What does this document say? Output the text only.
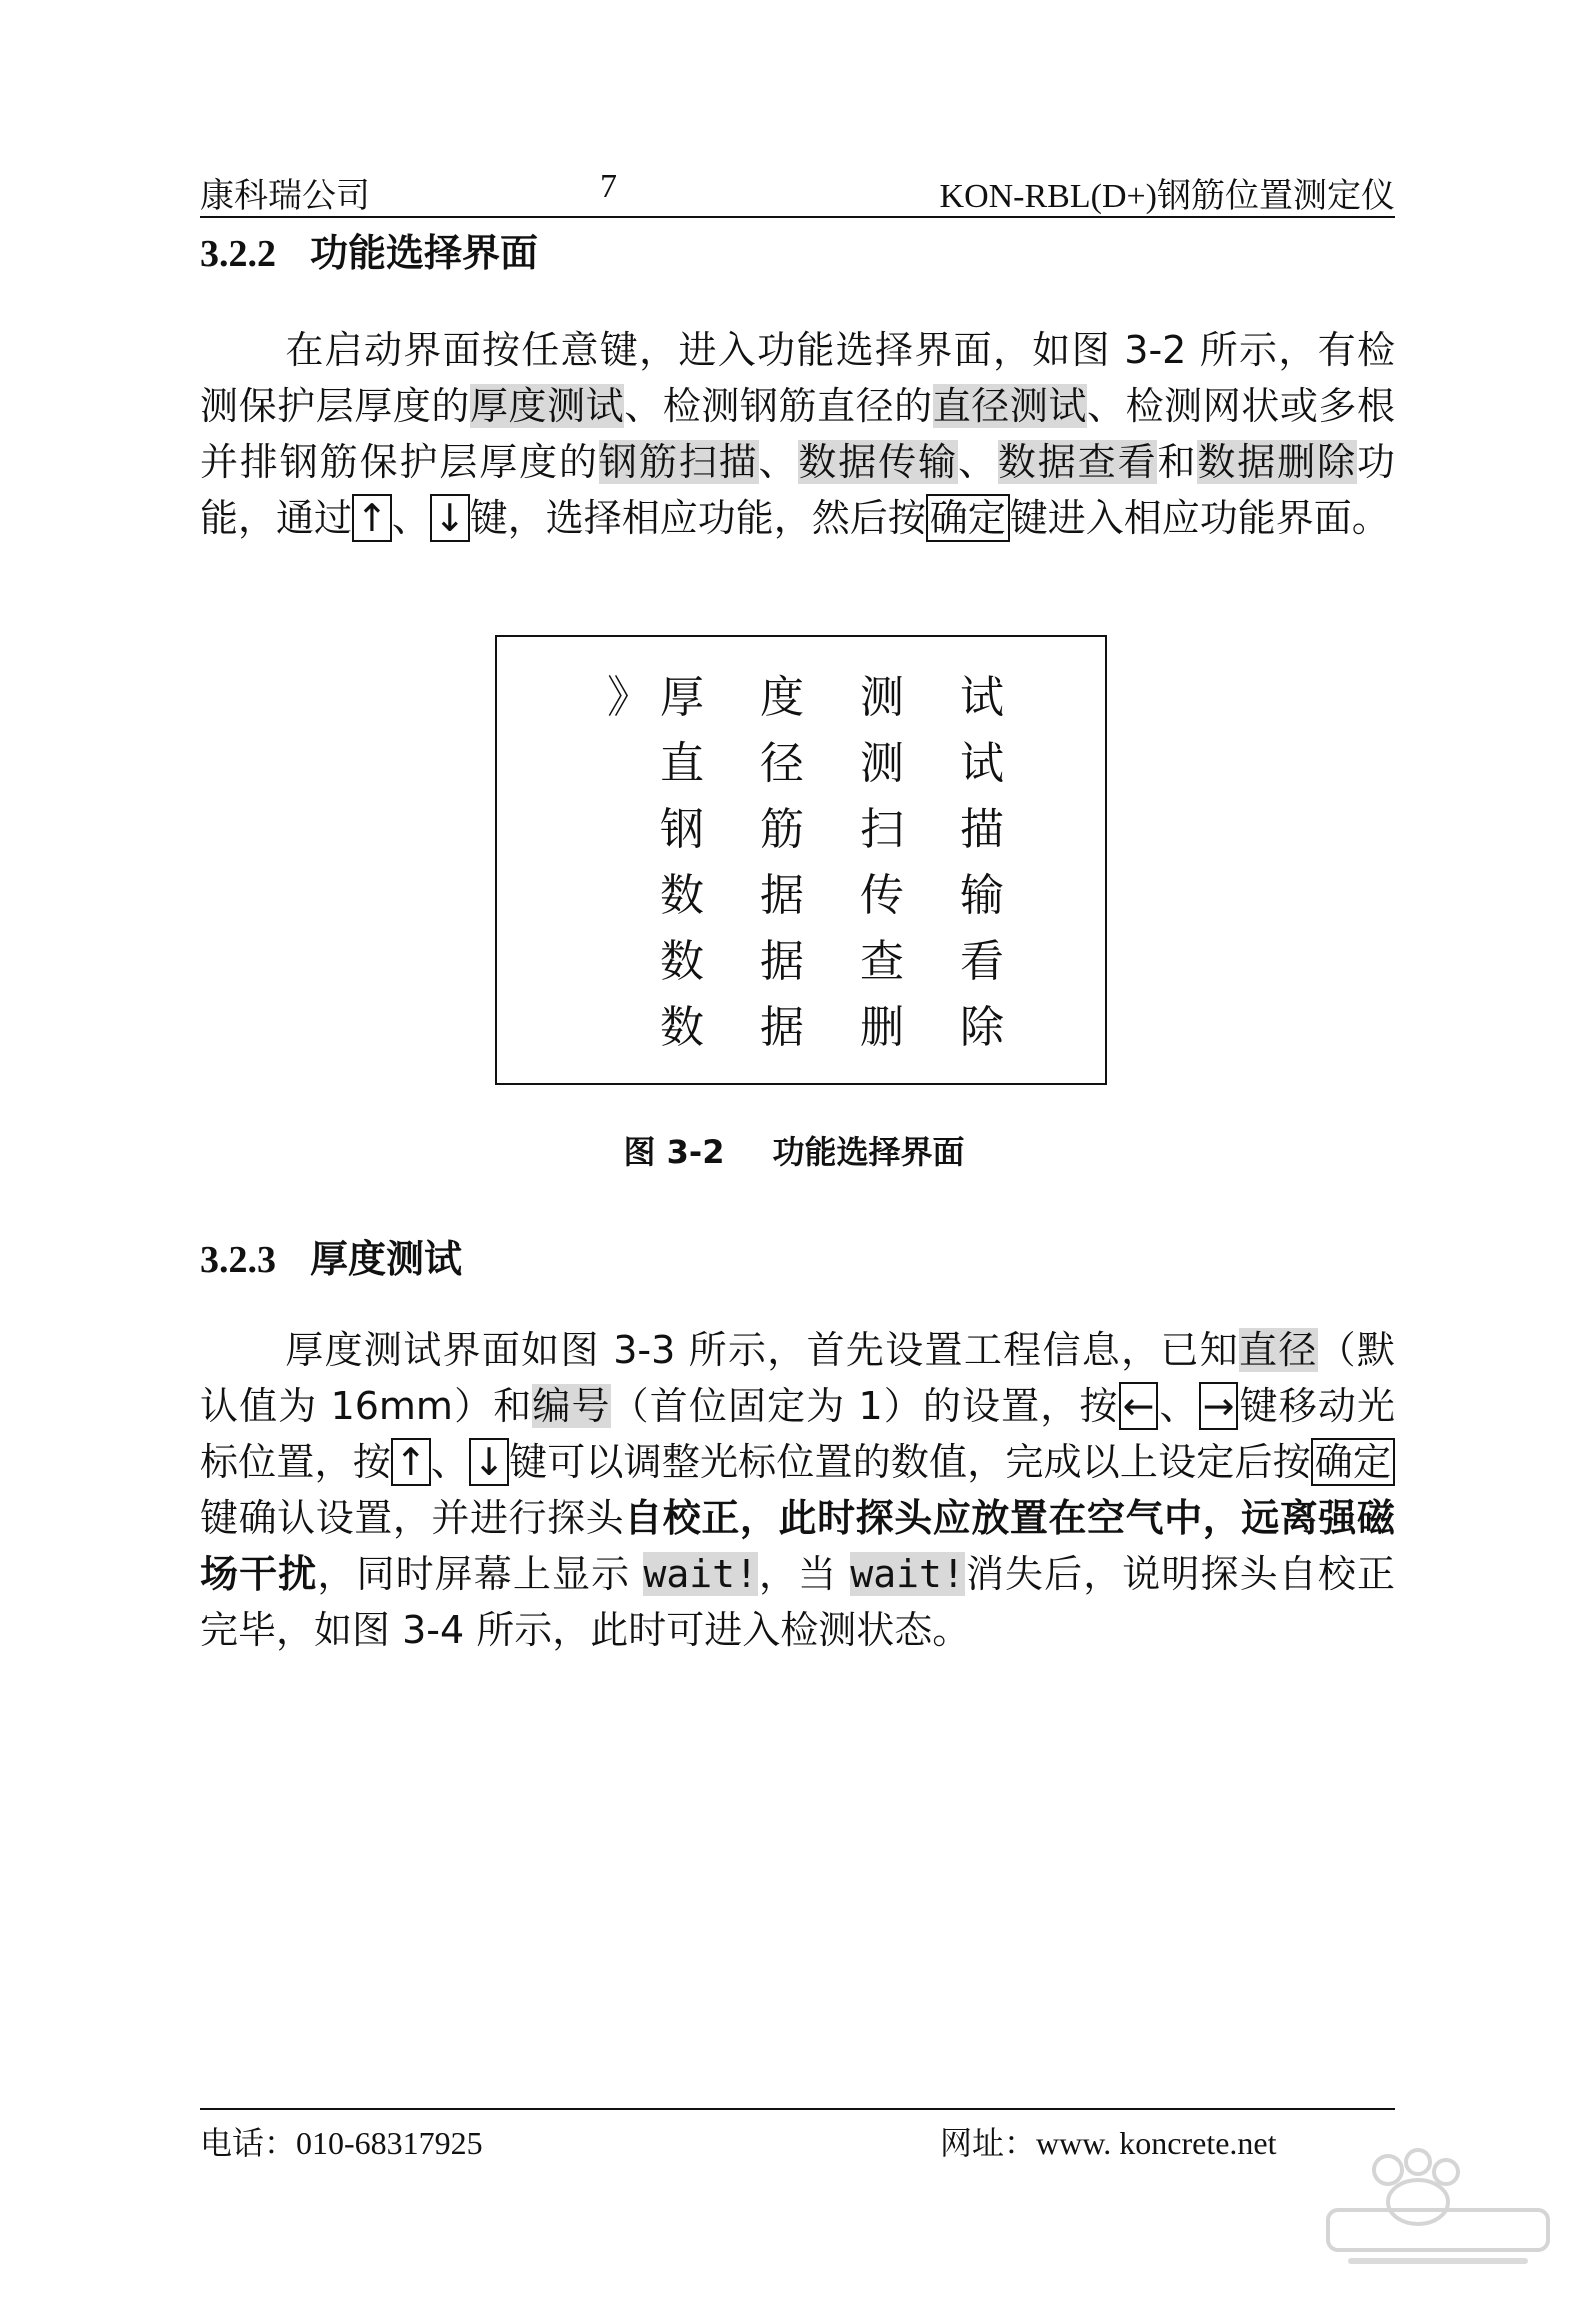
康科瑞公司	7	KON-RBL(D+)钢筋位置测定仪
3.2.2 功能选择界面
在启动界面按任意键，进入功能选择界面，如图 3-2 所示，有检测保护层厚度的厚度测试、检测钢筋直径的直径测试、检测网状或多根并排钢筋保护层厚度的钢筋扫描、数据传输、数据查看和数据删除功能，通过 ↑ 、 ↓ 键，选择相应功能，然后按 确定 键进入相应功能界面。
》 厚 度 测 试
直 径 测 试
钢 筋 扫 描
数 据 传 输
数 据 查 看
数 据 删 除
图 3-2 功能选择界面
3.2.3 厚度测试
厚度测试界面如图 3-3 所示，首先设置工程信息，已知直径（默认值为 16mm）和编号（首位固定为 1）的设置，按 ← 、 → 键移动光标位置，按 ↑ 、 ↓ 键可以调整光标位置的数值，完成以上设定后按 确定键确认设置，并进行探头自校正，此时探头应放置在空气中，远离强磁场干扰，同时屏幕上显示 wait!，当 wait!消失后，说明探头自校正完毕，如图 3-4 所示，此时可进入检测状态。
电话：010-68317925	网址：www. koncrete.net
